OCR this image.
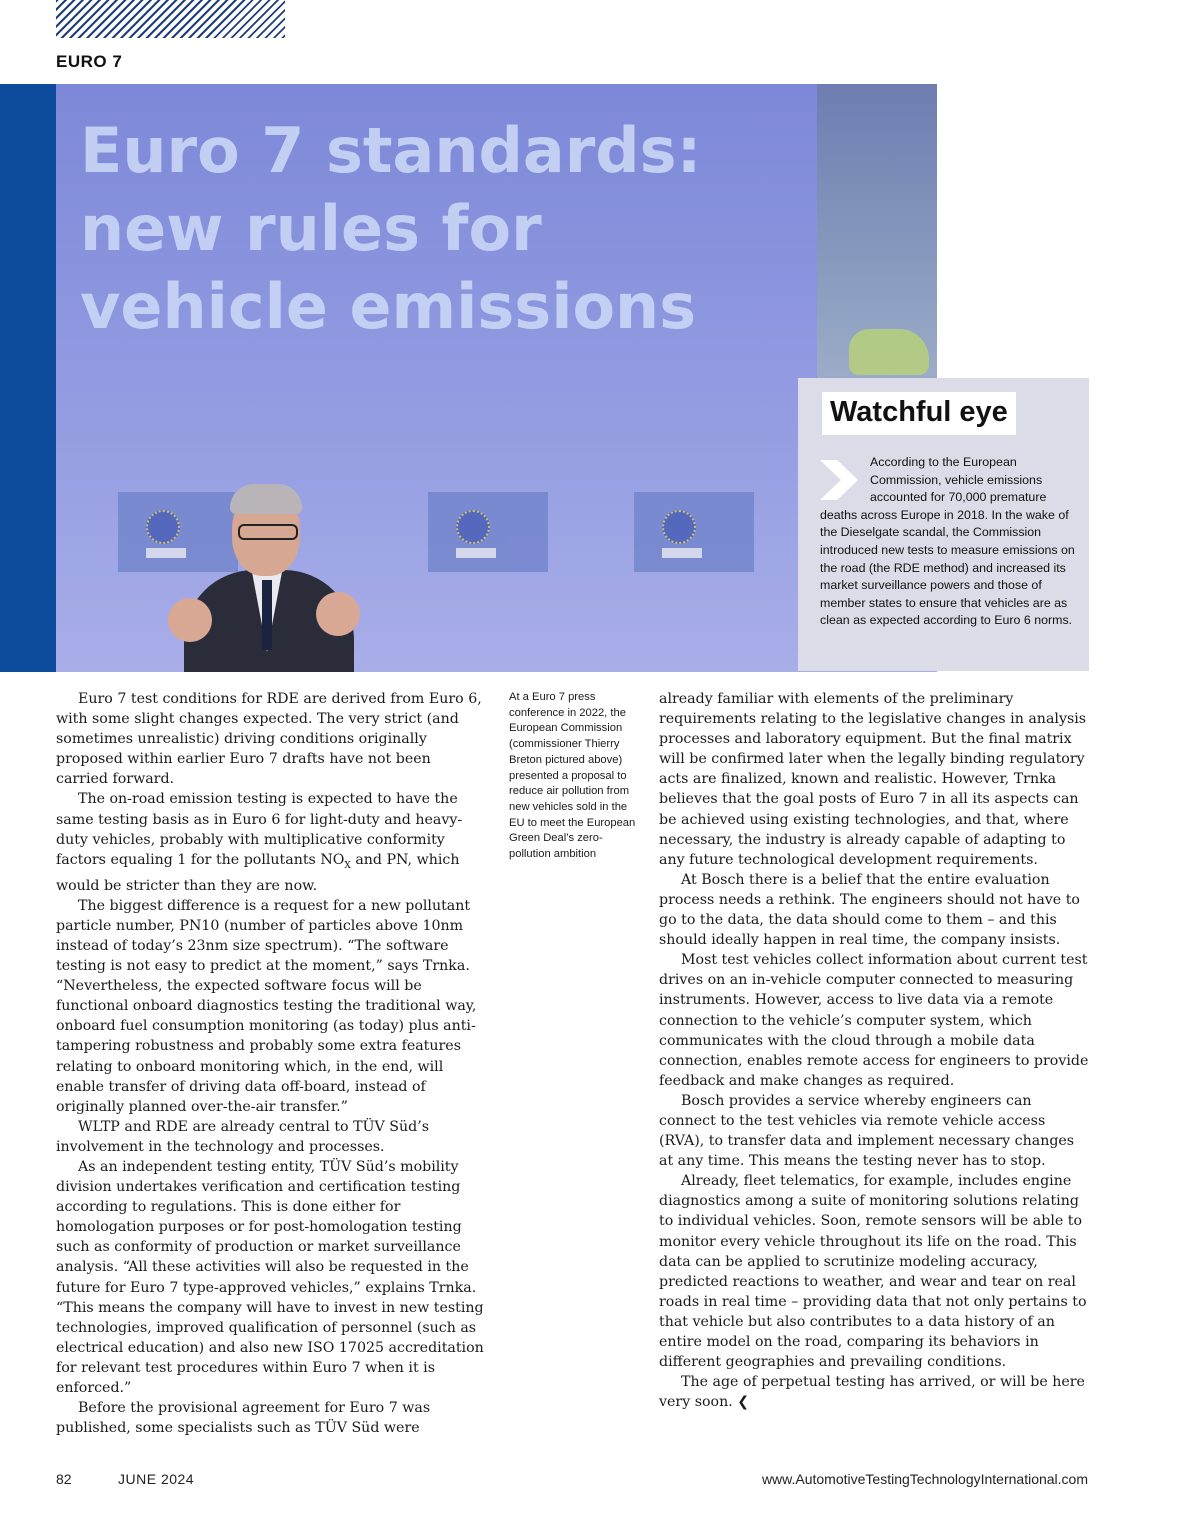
EURO 7
Euro 7 standards:
new rules for
vehicle emissions
Watchful eye

According to the European Commission, vehicle emissions accounted for 70,000 premature deaths across Europe in 2018. In the wake of the Dieselgate scandal, the Commission introduced new tests to measure emissions on the road (the RDE method) and increased its market surveillance powers and those of member states to ensure that vehicles are as clean as expected according to Euro 6 norms.

Euro 7 test conditions for RDE are derived from Euro 6, with some slight changes expected. The very strict (and sometimes unrealistic) driving conditions originally proposed within earlier Euro 7 drafts have not been carried forward.

The on-road emission testing is expected to have the same testing basis as in Euro 6 for light-duty and heavy-duty vehicles, probably with multiplicative conformity factors equaling 1 for the pollutants $NO_X$ and PN, which would be stricter than they are now.

The biggest difference is a request for a new pollutant particle number, PN10 (number of particles above 10nm instead of today’s 23nm size spectrum). “The software testing is not easy to predict at the moment,” says Trnka. “Nevertheless, the expected software focus will be functional onboard diagnostics testing the traditional way, onboard fuel consumption monitoring (as today) plus anti-tampering robustness and probably some extra features relating to onboard monitoring which, in the end, will enable transfer of driving data off-board, instead of originally planned over-the-air transfer.”

WLTP and RDE are already central to TÜV Süd’s involvement in the technology and processes.

As an independent testing entity, TÜV Süd’s mobility division undertakes verification and certification testing according to regulations. This is done either for homologation purposes or for post-homologation testing such as conformity of production or market surveillance analysis. “All these activities will also be requested in the future for Euro 7 type-approved vehicles,” explains Trnka. “This means the company will have to invest in new testing technologies, improved qualification of personnel (such as electrical education) and also new ISO 17025 accreditation for relevant test procedures within Euro 7 when it is enforced.”

Before the provisional agreement for Euro 7 was published, some specialists such as TÜV Süd were

At a Euro 7 press conference in 2022, the European Commission (commissioner Thierry Breton pictured above) presented a proposal to reduce air pollution from new vehicles sold in the EU to meet the European Green Deal’s zero-pollution ambition

already familiar with elements of the preliminary requirements relating to the legislative changes in analysis processes and laboratory equipment. But the final matrix will be confirmed later when the legally binding regulatory acts are finalized, known and realistic. However, Trnka believes that the goal posts of Euro 7 in all its aspects can be achieved using existing technologies, and that, where necessary, the industry is already capable of adapting to any future technological development requirements.

At Bosch there is a belief that the entire evaluation process needs a rethink. The engineers should not have to go to the data, the data should come to them – and this should ideally happen in real time, the company insists.

Most test vehicles collect information about current test drives on an in-vehicle computer connected to measuring instruments. However, access to live data via a remote connection to the vehicle’s computer system, which communicates with the cloud through a mobile data connection, enables remote access for engineers to provide feedback and make changes as required.

Bosch provides a service whereby engineers can connect to the test vehicles via remote vehicle access (RVA), to transfer data and implement necessary changes at any time. This means the testing never has to stop.

Already, fleet telematics, for example, includes engine diagnostics among a suite of monitoring solutions relating to individual vehicles. Soon, remote sensors will be able to monitor every vehicle throughout its life on the road. This data can be applied to scrutinize modeling accuracy, predicted reactions to weather, and wear and tear on real roads in real time – providing data that not only pertains to that vehicle but also contributes to a data history of an entire model on the road, comparing its behaviors in different geographies and prevailing conditions.

The age of perpetual testing has arrived, or will be here very soon. ❮

82	JUNE 2024	www.AutomotiveTestingTechnologyInternational.com
